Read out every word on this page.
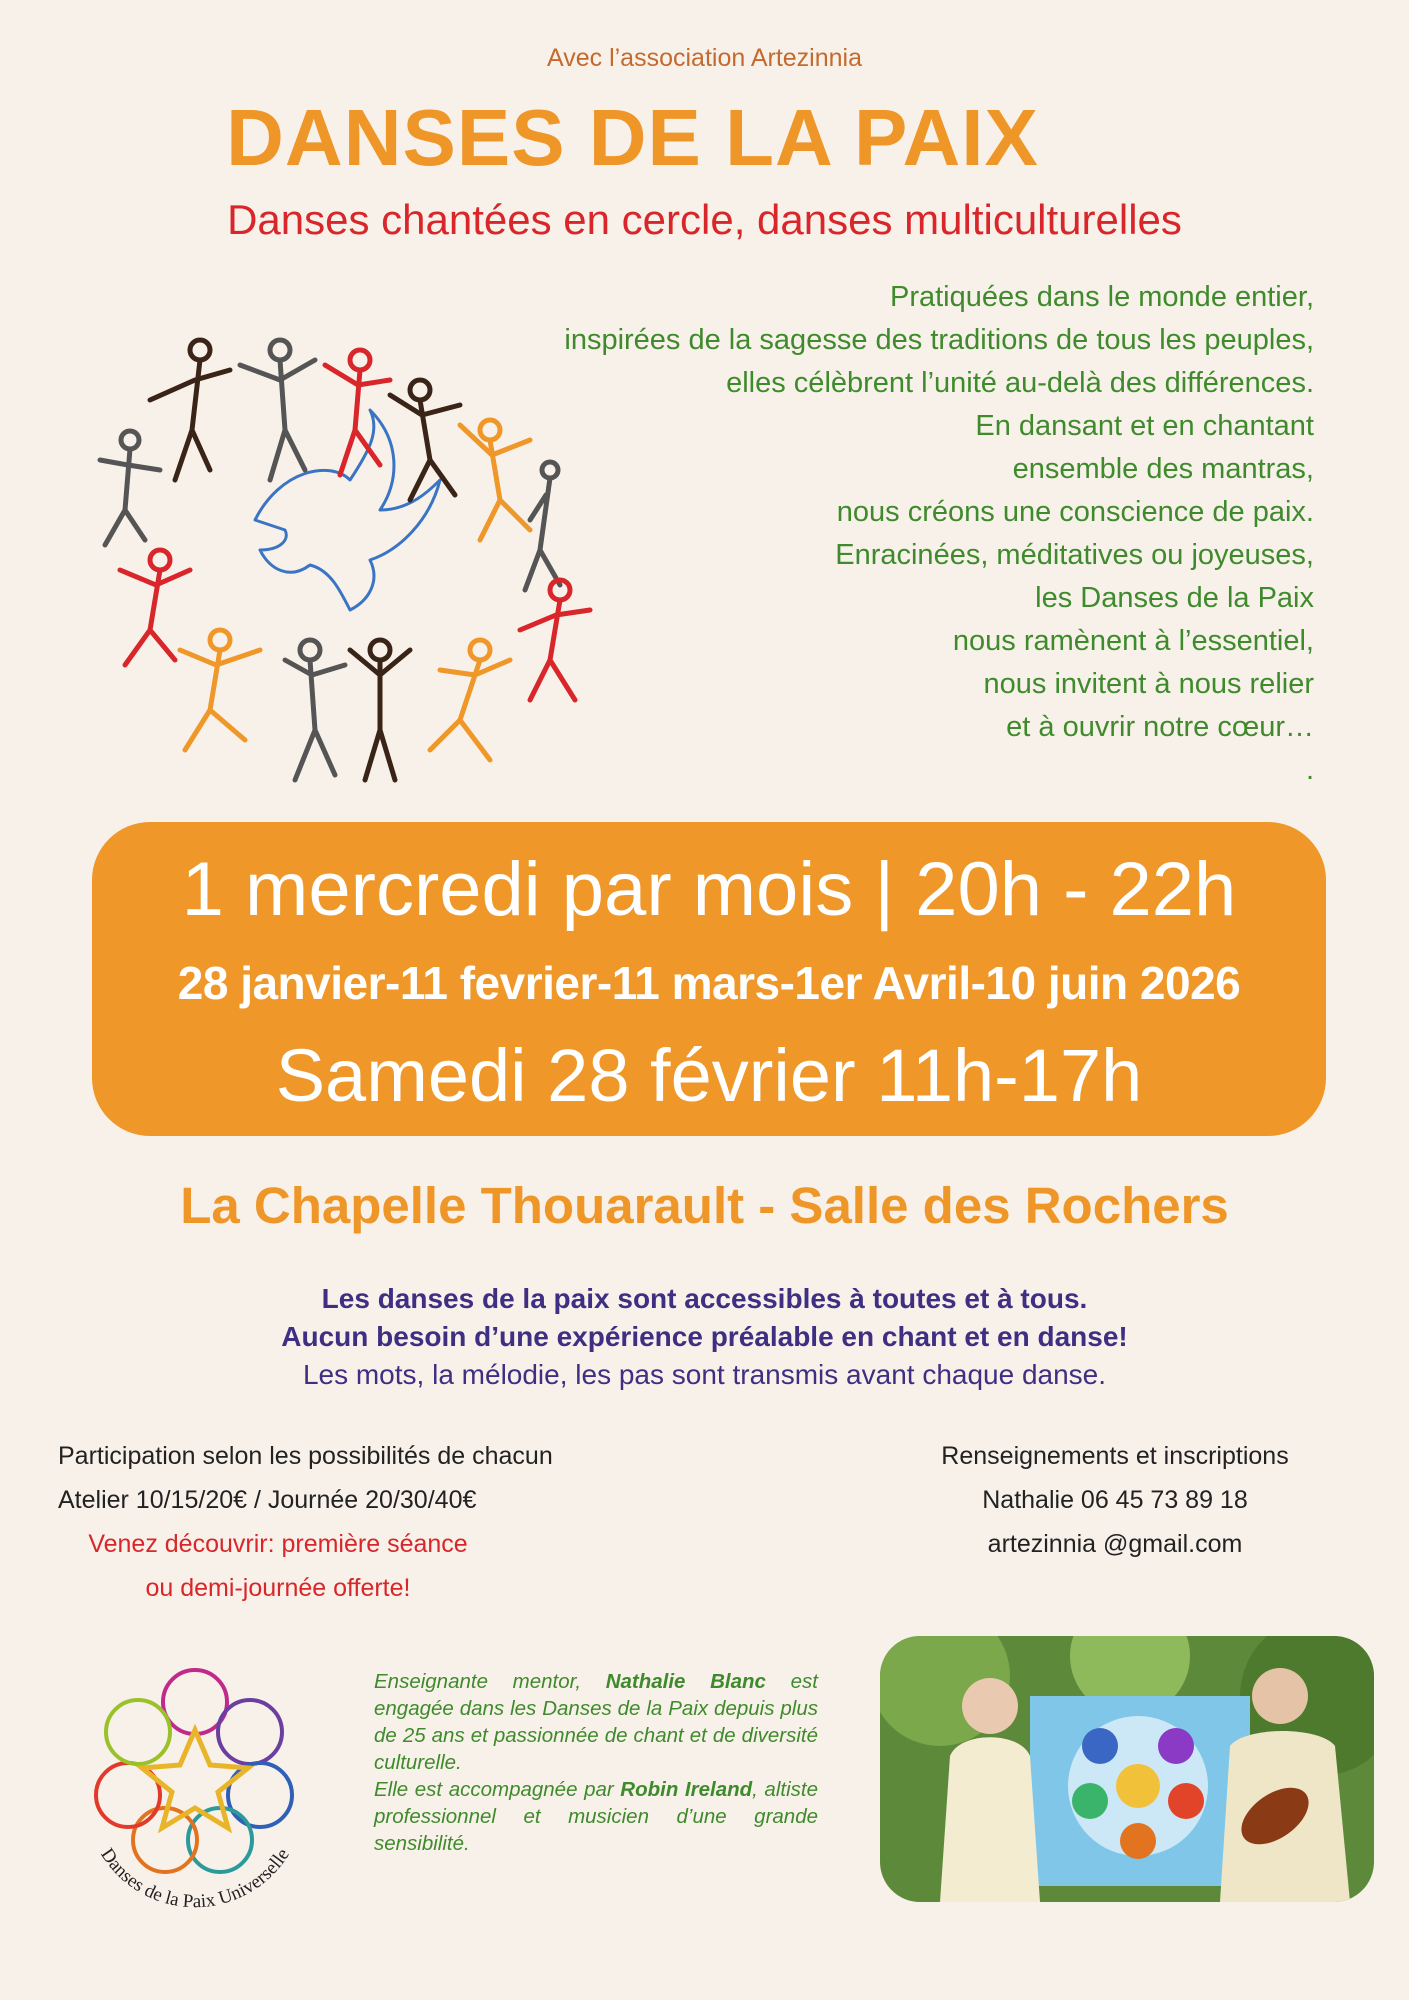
Avec l’association Artezinnia
DANSES DE LA PAIX
Danses chantées en cercle, danses multiculturelles
Pratiquées dans le monde entier,
inspirées de la sagesse des traditions de tous les peuples,
elles célèbrent l’unité au-delà des différences.
En dansant et en chantant
ensemble des mantras,
nous créons une conscience de paix.
Enracinées, méditatives ou joyeuses,
les Danses de la Paix
nous ramènent à l’essentiel,
nous invitent à nous relier
et à ouvrir notre cœur…
.
1 mercredi par mois | 20h - 22h
28 janvier-11 fevrier-11 mars-1er Avril-10 juin 2026
Samedi 28 février 11h-17h
La Chapelle Thouarault - Salle des Rochers
Les danses de la paix sont accessibles à toutes et à tous.
Aucun besoin d’une expérience préalable en chant et en danse!
Les mots, la mélodie, les pas sont transmis avant chaque danse.
Participation selon les possibilités de chacun
Atelier 10/15/20€ / Journée 20/30/40€
Venez découvrir: première séance
ou demi-journée offerte!
Renseignements et inscriptions
Nathalie 06 45 73 89 18
artezinnia @gmail.com
Danses de la Paix Universelle
Enseignante mentor, Nathalie Blanc est engagée dans les Danses de la Paix depuis plus de 25 ans et passionnée de chant et de diversité culturelle.
Elle est accompagnée par Robin Ireland, altiste professionnel et musicien d’une grande sensibilité.
